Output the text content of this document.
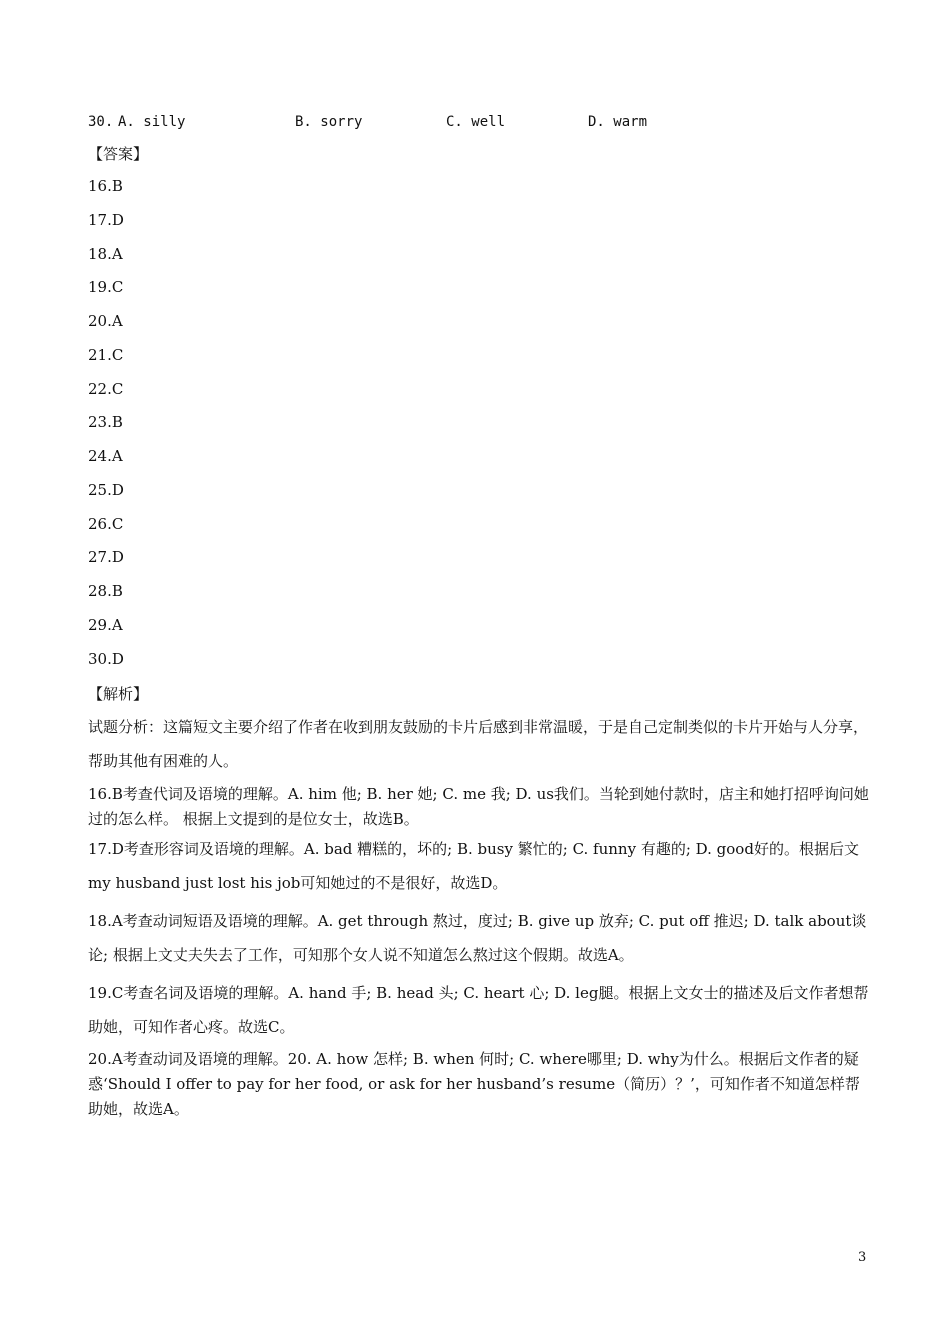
30. A. silly	B. sorry	C. well	D. warm
【答案】
16.B
17.D
18.A
19.C
20.A
21.C
22.C
23.B
24.A
25.D
26.C
27.D
28.B
29.A
30.D
【解析】
试题分析：这篇短文主要介绍了作者在收到朋友鼓励的卡片后感到非常温暖，于是自己定制类似的卡片开始与人分享，帮助其他有困难的人。
16.B考查代词及语境的理解。A. him 他; B. her 她; C. me 我; D. us我们。当轮到她付款时，店主和她打招呼询问她过的怎么样。 根据上文提到的是位女士，故选B。
17.D考查形容词及语境的理解。A. bad 糟糕的，坏的; B. busy 繁忙的; C. funny 有趣的; D. good好的。根据后文my husband just lost his job可知她过的不是很好，故选D。
18.A考查动词短语及语境的理解。A. get through 熬过，度过; B. give up 放弃; C. put off 推迟; D. talk about谈论; 根据上文丈夫失去了工作，可知那个女人说不知道怎么熬过这个假期。故选A。
19.C考查名词及语境的理解。A. hand 手; B. head 头; C. heart 心; D. leg腿。根据上文女士的描述及后文作者想帮助她，可知作者心疼。故选C。
20.A考查动词及语境的理解。20. A. how 怎样; B. when 何时; C. where哪里; D. why为什么。根据后文作者的疑惑‘Should I offer to pay for her food, or ask for her husband’s resume（简历）？’，可知作者不知道怎样帮助她，故选A。
3
